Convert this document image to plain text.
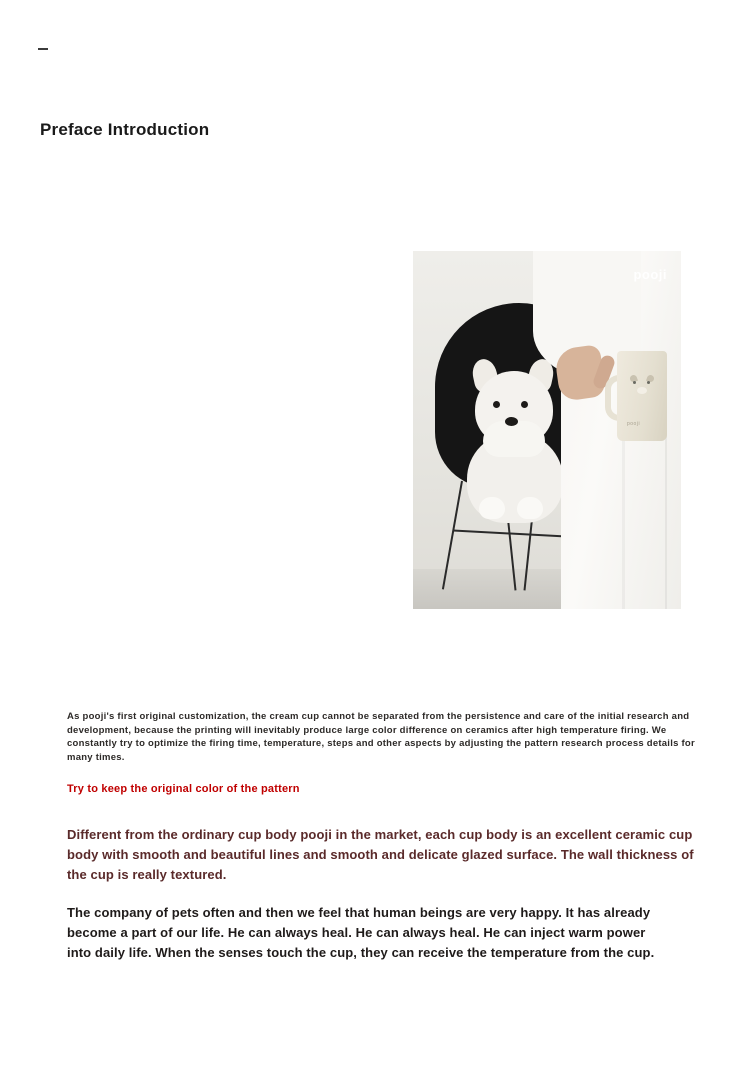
Preface Introduction
pooji
pooji
As pooji's first original customization, the cream cup cannot be separated from the persistence and care of the initial research and development, because the printing will inevitably produce large color difference on ceramics after high temperature firing. We constantly try to optimize the firing time, temperature, steps and other aspects by adjusting the pattern research process details for many times.
Try to keep the original color of the pattern
Different from the ordinary cup body pooji in the market, each cup body is an excellent ceramic cup body with smooth and beautiful lines and smooth and delicate glazed surface. The wall thickness of the cup is really textured.
The company of pets often and then we feel that human beings are very happy. It has already become a part of our life. He can always heal. He can always heal. He can inject warm power into daily life. When the senses touch the cup, they can receive the temperature from the cup.
